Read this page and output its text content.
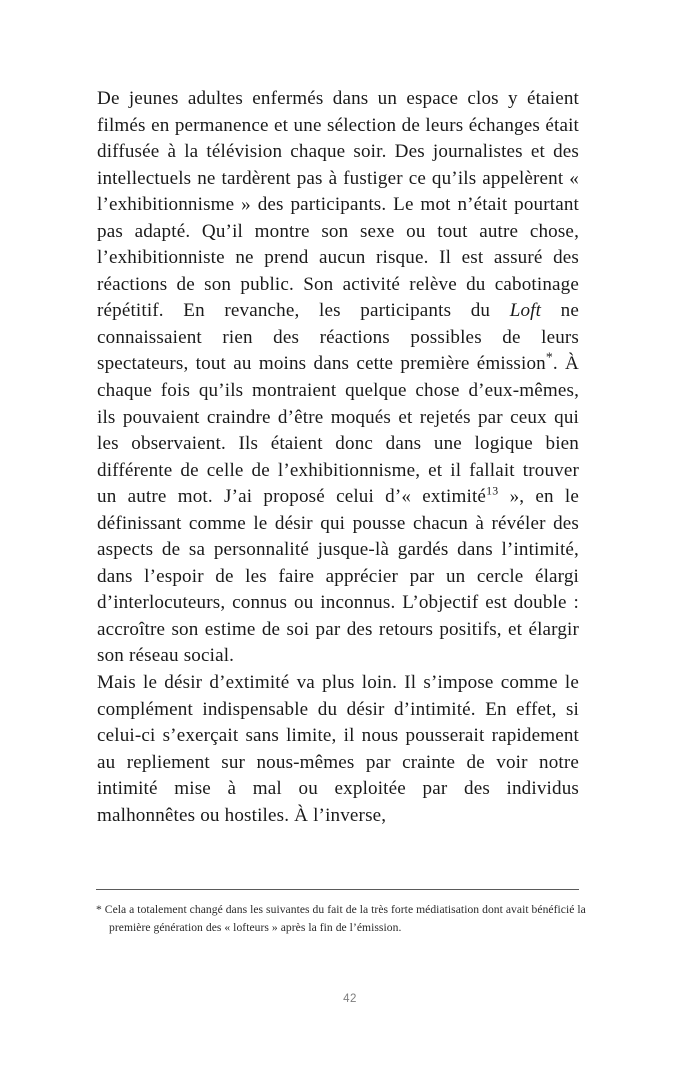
De jeunes adultes enfermés dans un espace clos y étaient filmés en permanence et une sélection de leurs échanges était diffusée à la télévision chaque soir. Des journalistes et des intellectuels ne tardèrent pas à fustiger ce qu’ils appelèrent « l’exhibitionnisme » des participants. Le mot n’était pourtant pas adapté. Qu’il montre son sexe ou tout autre chose, l’exhibitionniste ne prend aucun risque. Il est assuré des réactions de son public. Son activité relève du cabotinage répétitif. En revanche, les participants du Loft ne connaissaient rien des réactions possibles de leurs spectateurs, tout au moins dans cette première émission*. À chaque fois qu’ils montraient quelque chose d’eux-mêmes, ils pouvaient craindre d’être moqués et rejetés par ceux qui les observaient. Ils étaient donc dans une logique bien différente de celle de l’exhibitionnisme, et il fallait trouver un autre mot. J’ai proposé celui d’« extimité$^{13}$ », en le définissant comme le désir qui pousse chacun à révéler des aspects de sa personnalité jusque-là gardés dans l’intimité, dans l’espoir de les faire apprécier par un cercle élargi d’interlocuteurs, connus ou inconnus. L’objectif est double : accroître son estime de soi par des retours positifs, et élargir son réseau social.

Mais le désir d’extimité va plus loin. Il s’impose comme le complément indispensable du désir d’intimité. En effet, si celui-ci s’exerçait sans limite, il nous pousserait rapidement au repliement sur nous-mêmes par crainte de voir notre intimité mise à mal ou exploitée par des individus malhonnêtes ou hostiles. À l’inverse,

* Cela a totalement changé dans les suivantes du fait de la très forte médiatisation dont avait bénéficié la première génération des « lofteurs » après la fin de l’émission.
42
